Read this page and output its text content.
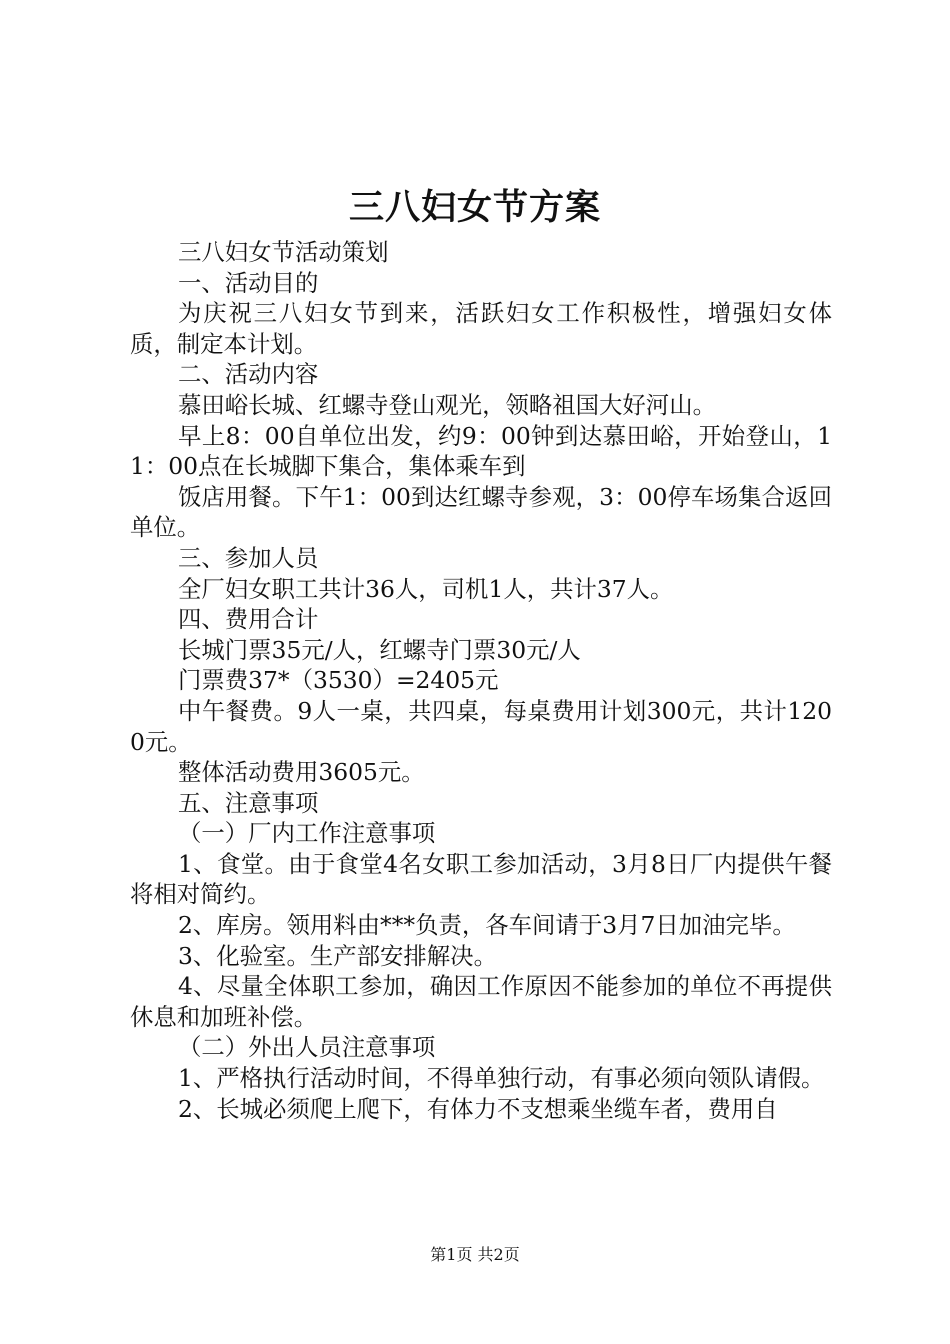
三八妇女节方案

三八妇女节活动策划

一、活动目的

为庆祝三八妇女节到来，活跃妇女工作积极性，增强妇女体质，制定本计划。

二、活动内容

慕田峪长城、红螺寺登山观光，领略祖国大好河山。

早上8：00自单位出发，约9：00钟到达慕田峪，开始登山，11：00点在长城脚下集合，集体乘车到

饭店用餐。下午1：00到达红螺寺参观，3：00停车场集合返回单位。

三、参加人员

全厂妇女职工共计36人，司机1人，共计37人。

四、费用合计

长城门票35元/人，红螺寺门票30元/人

门票费37*（3530）=2405元

中午餐费。9人一桌，共四桌，每桌费用计划300元，共计1200元。

整体活动费用3605元。

五、注意事项

（一）厂内工作注意事项

1、食堂。由于食堂4名女职工参加活动，3月8日厂内提供午餐将相对简约。

2、库房。领用料由***负责，各车间请于3月7日加油完毕。

3、化验室。生产部安排解决。

4、尽量全体职工参加，确因工作原因不能参加的单位不再提供休息和加班补偿。

（二）外出人员注意事项

1、严格执行活动时间，不得单独行动，有事必须向领队请假。

2、长城必须爬上爬下，有体力不支想乘坐缆车者，费用自

第1页 共2页
